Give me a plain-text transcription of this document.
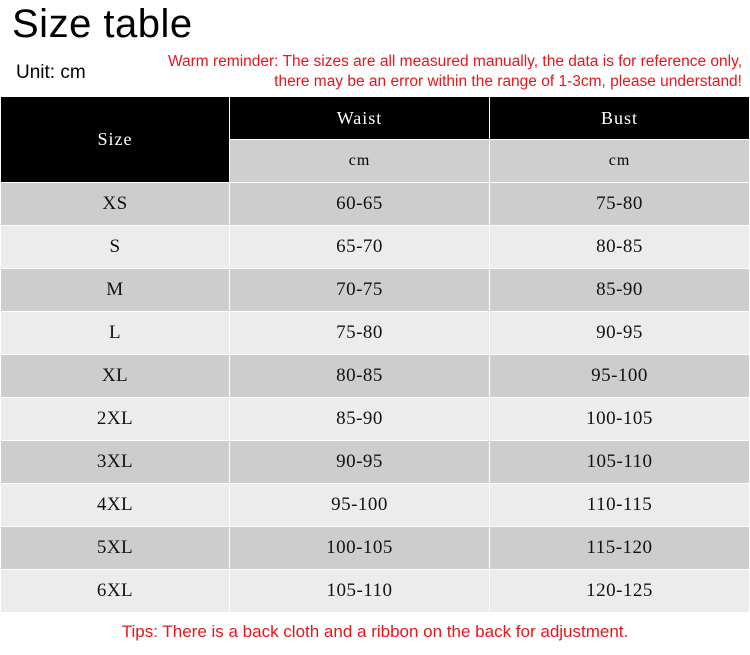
Size table
Unit: cm
Warm reminder: The sizes are all measured manually, the data is for reference only,
there may be an error within the range of 1-3cm, please understand!
Size	Waist	Bust
	cm	cm
XS	60-65	75-80
S	65-70	80-85
M	70-75	85-90
L	75-80	90-95
XL	80-85	95-100
2XL	85-90	100-105
3XL	90-95	105-110
4XL	95-100	110-115
5XL	100-105	115-120
6XL	105-110	120-125
Tips: There is a back cloth and a ribbon on the back for adjustment.
